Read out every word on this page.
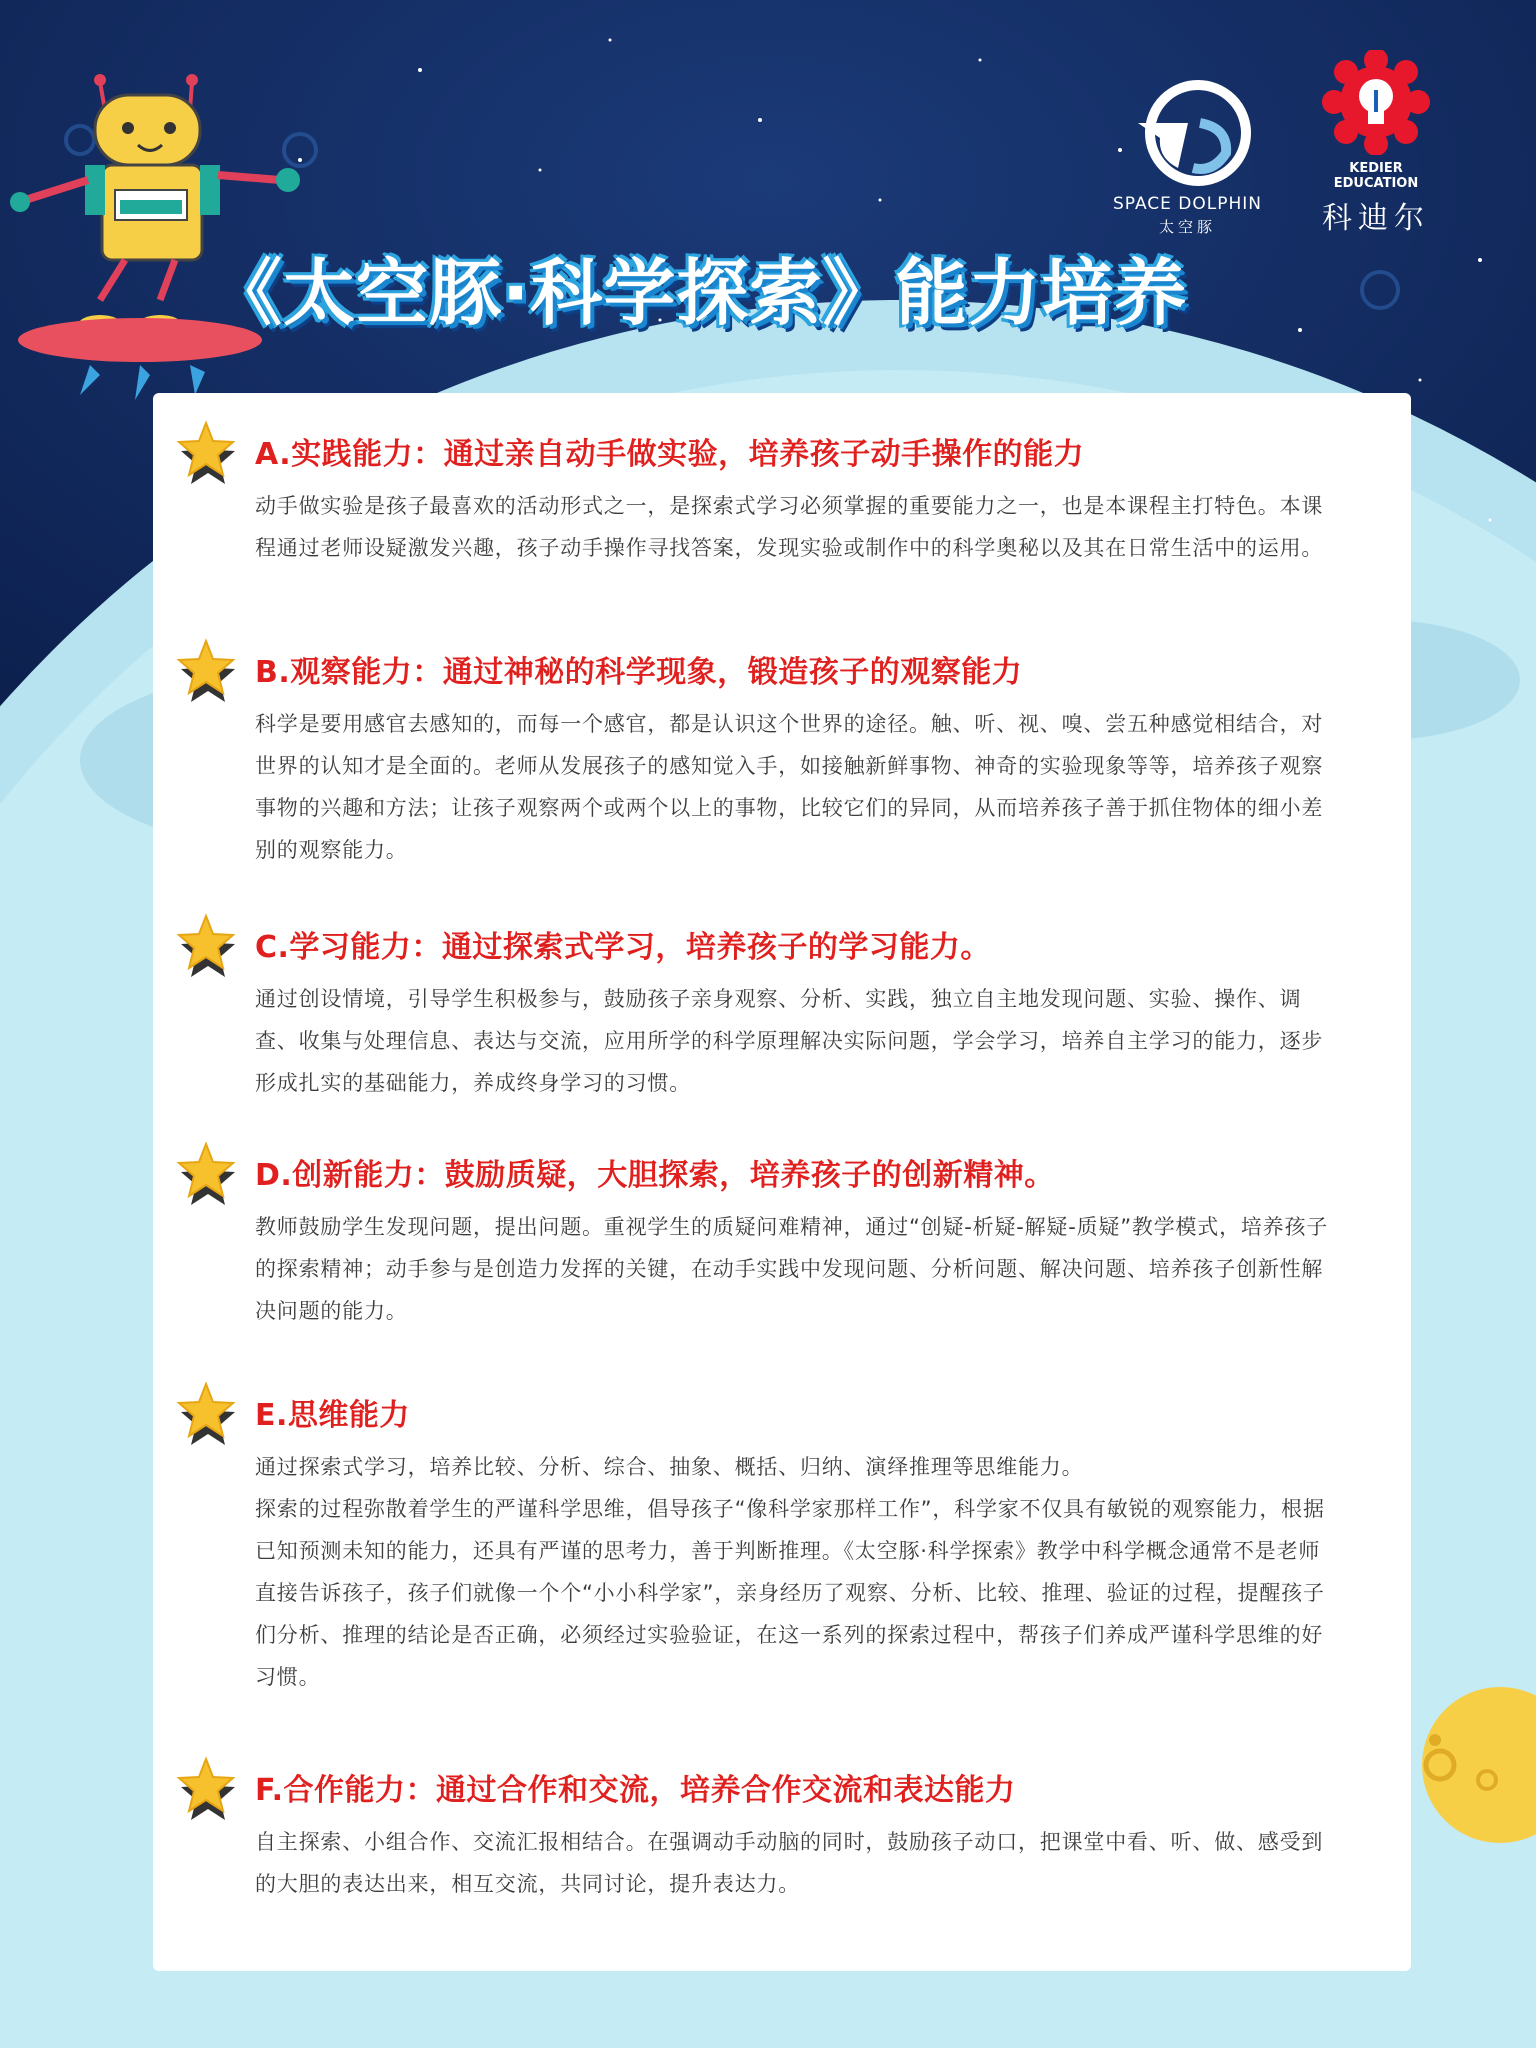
SPACE DOLPHIN
太空豚
KEDIER EDUCATION
科迪尔
《太空豚·科学探索》能力培养
A.实践能力：通过亲自动手做实验，培养孩子动手操作的能力

动手做实验是孩子最喜欢的活动形式之一，是探索式学习必须掌握的重要能力之一，也是本课程主打特色。本课程通过老师设疑激发兴趣，孩子动手操作寻找答案，发现实验或制作中的科学奥秘以及其在日常生活中的运用。

B.观察能力：通过神秘的科学现象，锻造孩子的观察能力

科学是要用感官去感知的，而每一个感官，都是认识这个世界的途径。触、听、视、嗅、尝五种感觉相结合，对世界的认知才是全面的。老师从发展孩子的感知觉入手，如接触新鲜事物、神奇的实验现象等等，培养孩子观察事物的兴趣和方法；让孩子观察两个或两个以上的事物，比较它们的异同，从而培养孩子善于抓住物体的细小差别的观察能力。

C.学习能力：通过探索式学习，培养孩子的学习能力。

通过创设情境，引导学生积极参与，鼓励孩子亲身观察、分析、实践，独立自主地发现问题、实验、操作、调查、收集与处理信息、表达与交流，应用所学的科学原理解决实际问题，学会学习，培养自主学习的能力，逐步形成扎实的基础能力，养成终身学习的习惯。

D.创新能力：鼓励质疑，大胆探索，培养孩子的创新精神。

教师鼓励学生发现问题，提出问题。重视学生的质疑问难精神，通过“创疑-析疑-解疑-质疑”教学模式，培养孩子的探索精神；动手参与是创造力发挥的关键，在动手实践中发现问题、分析问题、解决问题、培养孩子创新性解决问题的能力。

E.思维能力

通过探索式学习，培养比较、分析、综合、抽象、概括、归纳、演绎推理等思维能力。

探索的过程弥散着学生的严谨科学思维，倡导孩子“像科学家那样工作”，科学家不仅具有敏锐的观察能力，根据已知预测未知的能力，还具有严谨的思考力，善于判断推理。《太空豚·科学探索》教学中科学概念通常不是老师直接告诉孩子，孩子们就像一个个“小小科学家”，亲身经历了观察、分析、比较、推理、验证的过程，提醒孩子们分析、推理的结论是否正确，必须经过实验验证，在这一系列的探索过程中，帮孩子们养成严谨科学思维的好习惯。

F.合作能力：通过合作和交流，培养合作交流和表达能力

自主探索、小组合作、交流汇报相结合。在强调动手动脑的同时，鼓励孩子动口，把课堂中看、听、做、感受到的大胆的表达出来，相互交流，共同讨论，提升表达力。
